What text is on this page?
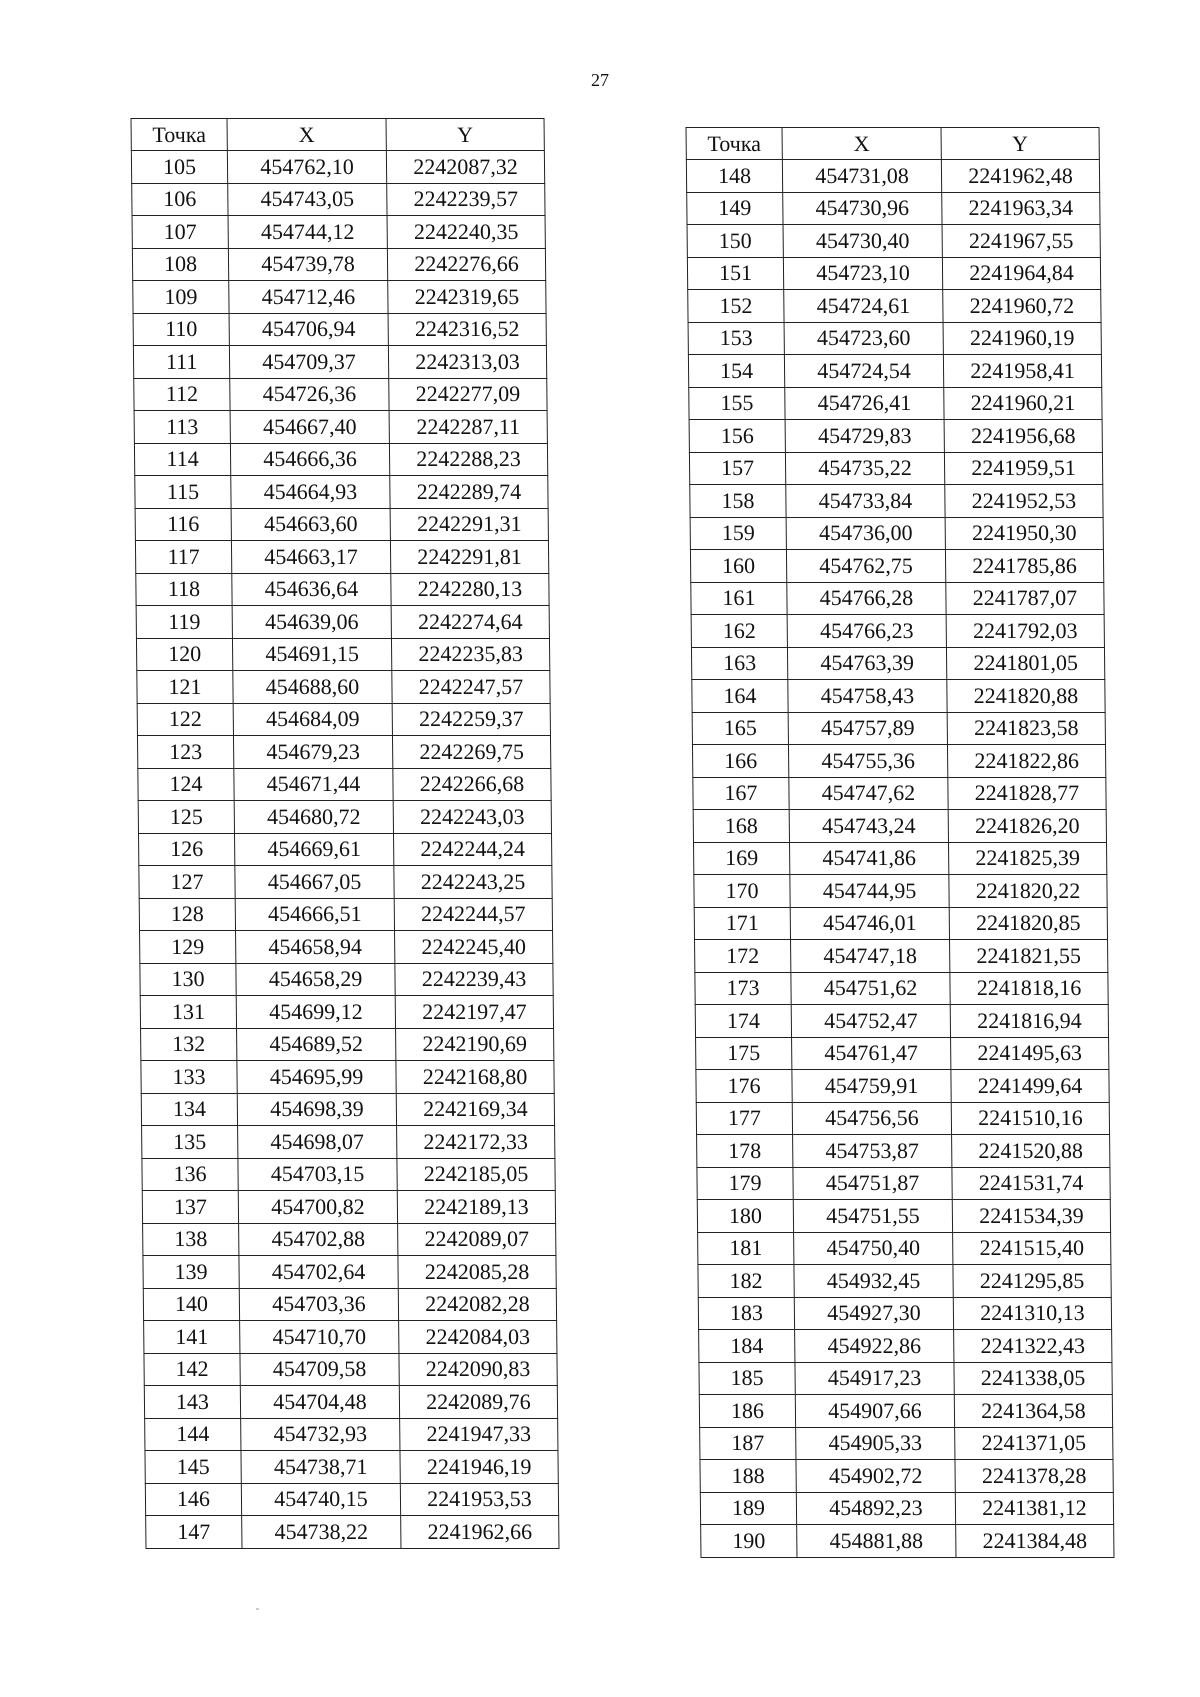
27
Точка	X	Y
105	454762,10	2242087,32
106	454743,05	2242239,57
107	454744,12	2242240,35
108	454739,78	2242276,66
109	454712,46	2242319,65
110	454706,94	2242316,52
111	454709,37	2242313,03
112	454726,36	2242277,09
113	454667,40	2242287,11
114	454666,36	2242288,23
115	454664,93	2242289,74
116	454663,60	2242291,31
117	454663,17	2242291,81
118	454636,64	2242280,13
119	454639,06	2242274,64
120	454691,15	2242235,83
121	454688,60	2242247,57
122	454684,09	2242259,37
123	454679,23	2242269,75
124	454671,44	2242266,68
125	454680,72	2242243,03
126	454669,61	2242244,24
127	454667,05	2242243,25
128	454666,51	2242244,57
129	454658,94	2242245,40
130	454658,29	2242239,43
131	454699,12	2242197,47
132	454689,52	2242190,69
133	454695,99	2242168,80
134	454698,39	2242169,34
135	454698,07	2242172,33
136	454703,15	2242185,05
137	454700,82	2242189,13
138	454702,88	2242089,07
139	454702,64	2242085,28
140	454703,36	2242082,28
141	454710,70	2242084,03
142	454709,58	2242090,83
143	454704,48	2242089,76
144	454732,93	2241947,33
145	454738,71	2241946,19
146	454740,15	2241953,53
147	454738,22	2241962,66
Точка	X	Y
148	454731,08	2241962,48
149	454730,96	2241963,34
150	454730,40	2241967,55
151	454723,10	2241964,84
152	454724,61	2241960,72
153	454723,60	2241960,19
154	454724,54	2241958,41
155	454726,41	2241960,21
156	454729,83	2241956,68
157	454735,22	2241959,51
158	454733,84	2241952,53
159	454736,00	2241950,30
160	454762,75	2241785,86
161	454766,28	2241787,07
162	454766,23	2241792,03
163	454763,39	2241801,05
164	454758,43	2241820,88
165	454757,89	2241823,58
166	454755,36	2241822,86
167	454747,62	2241828,77
168	454743,24	2241826,20
169	454741,86	2241825,39
170	454744,95	2241820,22
171	454746,01	2241820,85
172	454747,18	2241821,55
173	454751,62	2241818,16
174	454752,47	2241816,94
175	454761,47	2241495,63
176	454759,91	2241499,64
177	454756,56	2241510,16
178	454753,87	2241520,88
179	454751,87	2241531,74
180	454751,55	2241534,39
181	454750,40	2241515,40
182	454932,45	2241295,85
183	454927,30	2241310,13
184	454922,86	2241322,43
185	454917,23	2241338,05
186	454907,66	2241364,58
187	454905,33	2241371,05
188	454902,72	2241378,28
189	454892,23	2241381,12
190	454881,88	2241384,48
